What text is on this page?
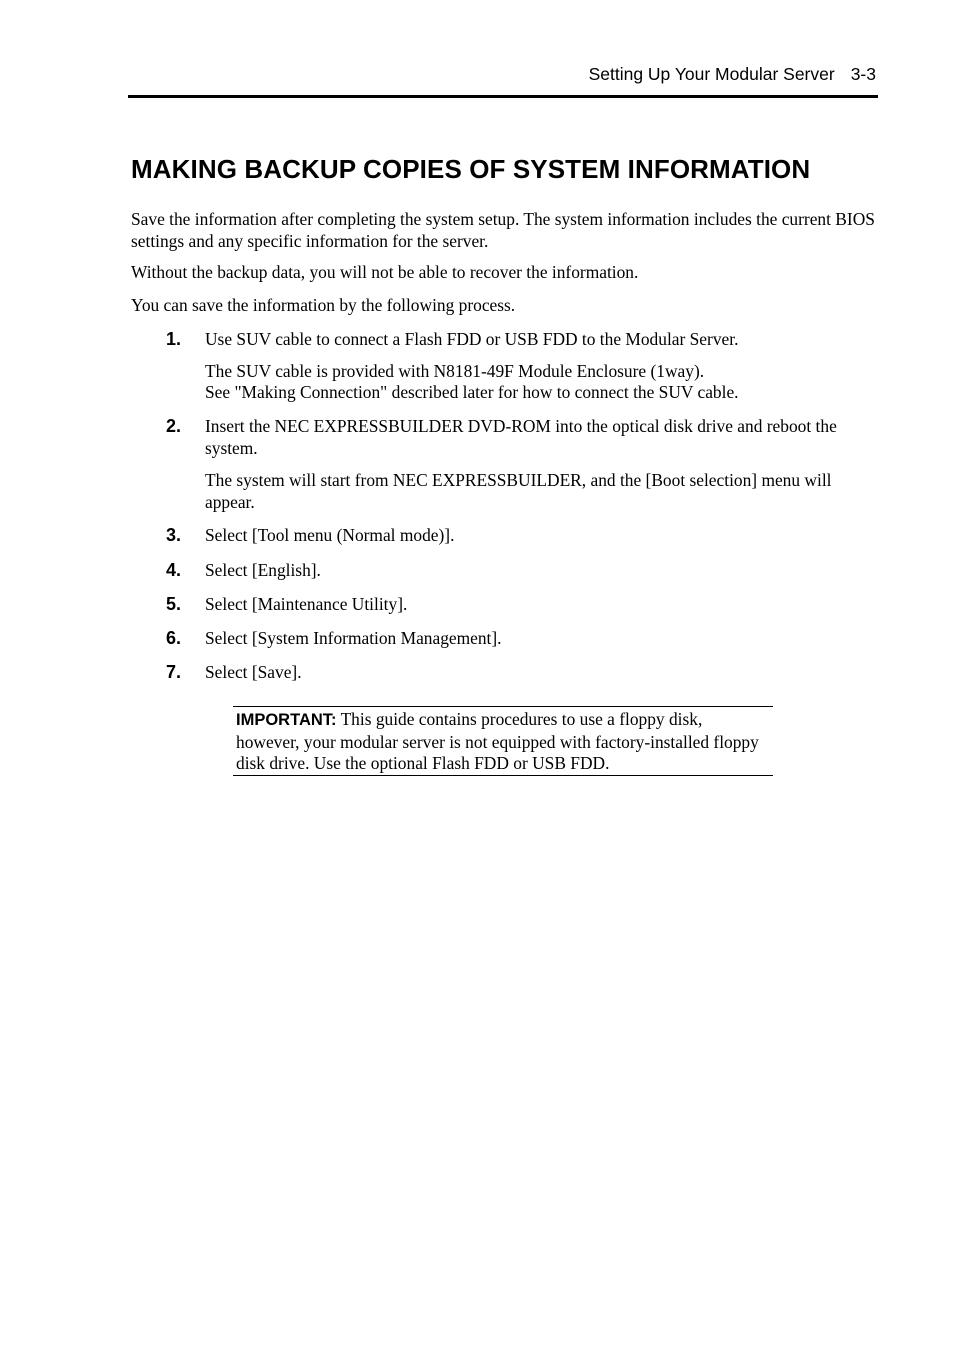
Setting Up Your Modular Server 3-3
MAKING BACKUP COPIES OF SYSTEM INFORMATION

Save the information after completing the system setup. The system information includes the current BIOS settings and any specific information for the server.

Without the backup data, you will not be able to recover the information.

You can save the information by the following process.

1. Use SUV cable to connect a Flash FDD or USB FDD to the Modular Server.

The SUV cable is provided with N8181-49F Module Enclosure (1way).

See "Making Connection" described later for how to connect the SUV cable.

2. Insert the NEC EXPRESSBUILDER DVD-ROM into the optical disk drive and reboot the system.

The system will start from NEC EXPRESSBUILDER, and the [Boot selection] menu will appear.

3. Select [Tool menu (Normal mode)].

4. Select [English].

5. Select [Maintenance Utility].

6. Select [System Information Management].

7. Select [Save].

IMPORTANT: This guide contains procedures to use a floppy disk, however, your modular server is not equipped with factory-installed floppy disk drive. Use the optional Flash FDD or USB FDD.
